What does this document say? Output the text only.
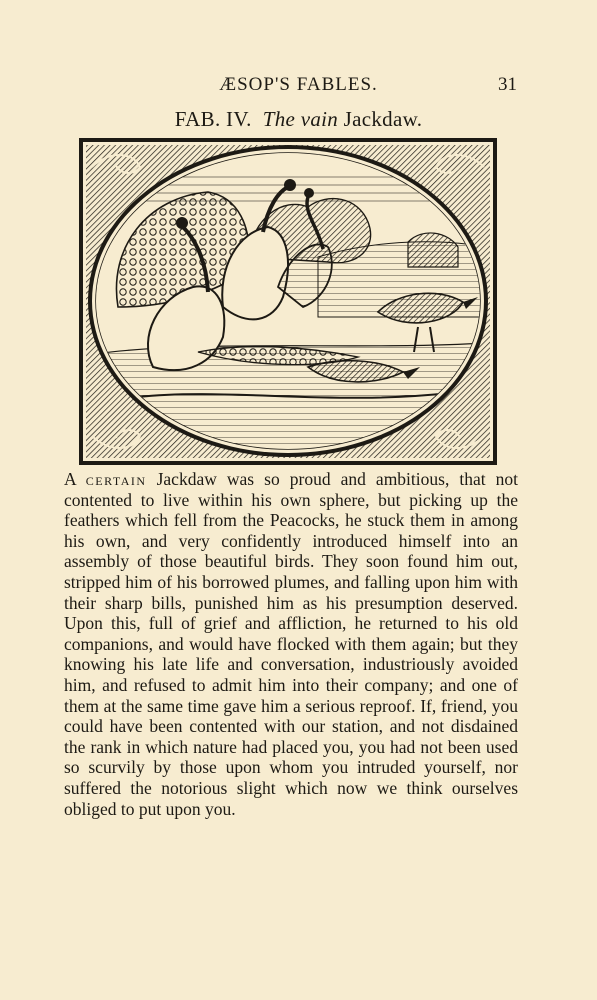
ÆSOP'S FABLES.	31
FAB. IV. The vain Jackdaw.
A certain Jackdaw was so proud and ambitious, that not contented to live within his own sphere, but picking up the feathers which fell from the Peacocks, he stuck them in among his own, and very confidently introduced himself into an assembly of those beautiful birds. They soon found him out, stripped him of his borrowed plumes, and falling upon him with their sharp bills, punished him as his presumption deserved. Upon this, full of grief and affliction, he returned to his old companions, and would have flocked with them again; but they knowing his late life and conversation, industriously avoided him, and refused to admit him into their company; and one of them at the same time gave him a serious reproof. If, friend, you could have been contented with our station, and not disdained the rank in which nature had placed you, you had not been used so scurvily by those upon whom you intruded yourself, nor suffered the notorious slight which now we think ourselves obliged to put upon you.
